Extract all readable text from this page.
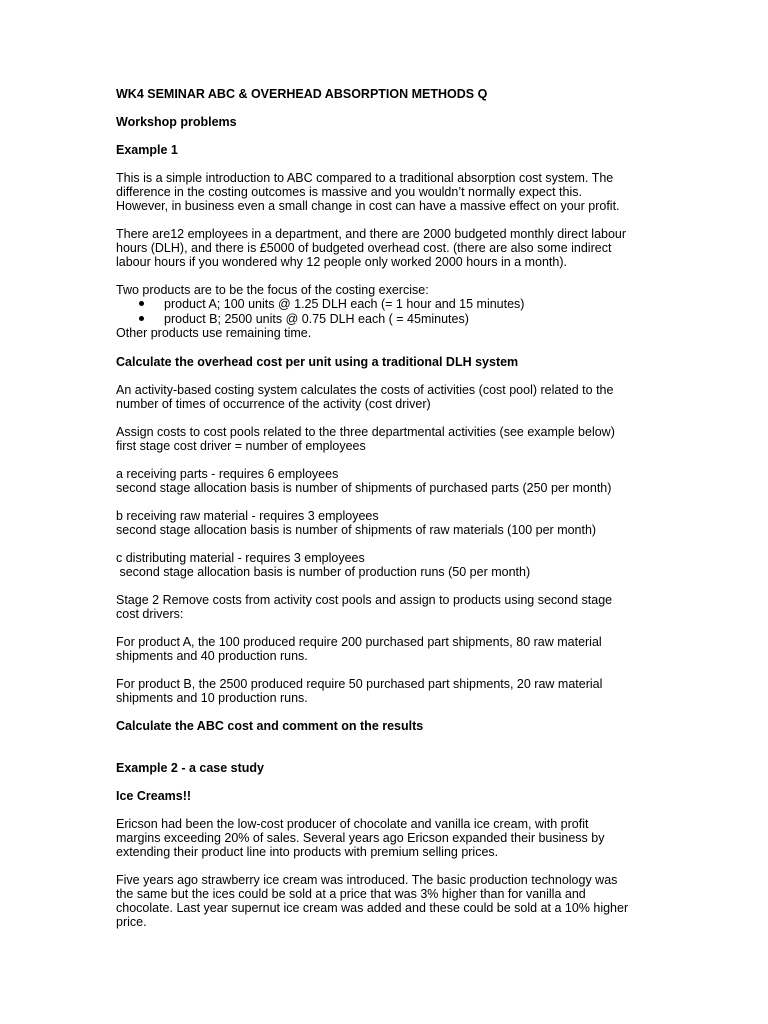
WK4 SEMINAR ABC & OVERHEAD ABSORPTION METHODS Q
Workshop problems
Example 1
This is a simple introduction to ABC compared to a traditional absorption cost system. The
difference in the costing outcomes is massive and you wouldn’t normally expect this.
However, in business even a small change in cost can have a massive effect on your profit.
There are12 employees in a department, and there are 2000 budgeted monthly direct labour
hours (DLH), and there is £5000 of budgeted overhead cost. (there are also some indirect
labour hours if you wondered why 12 people only worked 2000 hours in a month).
Two products are to be the focus of the costing exercise:
product A; 100 units @ 1.25 DLH each (= 1 hour and 15 minutes)
product B; 2500 units @ 0.75 DLH each ( = 45minutes)
Other products use remaining time.
Calculate the overhead cost per unit using a traditional DLH system
An activity-based costing system calculates the costs of activities (cost pool) related to the
number of times of occurrence of the activity (cost driver)
Assign costs to cost pools related to the three departmental activities (see example below)
first stage cost driver = number of employees
a receiving parts - requires 6 employees
second stage allocation basis is number of shipments of purchased parts (250 per month)
b receiving raw material - requires 3 employees
second stage allocation basis is number of shipments of raw materials (100 per month)
c distributing material - requires 3 employees
second stage allocation basis is number of production runs (50 per month)
Stage 2 Remove costs from activity cost pools and assign to products using second stage
cost drivers:
For product A, the 100 produced require 200 purchased part shipments, 80 raw material
shipments and 40 production runs.
For product B, the 2500 produced require 50 purchased part shipments, 20 raw material
shipments and 10 production runs.
Calculate the ABC cost and comment on the results
Example 2 - a case study
Ice Creams!!
Ericson had been the low-cost producer of chocolate and vanilla ice cream, with profit
margins exceeding 20% of sales. Several years ago Ericson expanded their business by
extending their product line into products with premium selling prices.
Five years ago strawberry ice cream was introduced. The basic production technology was
the same but the ices could be sold at a price that was 3% higher than for vanilla and
chocolate. Last year supernut ice cream was added and these could be sold at a 10% higher
price.
